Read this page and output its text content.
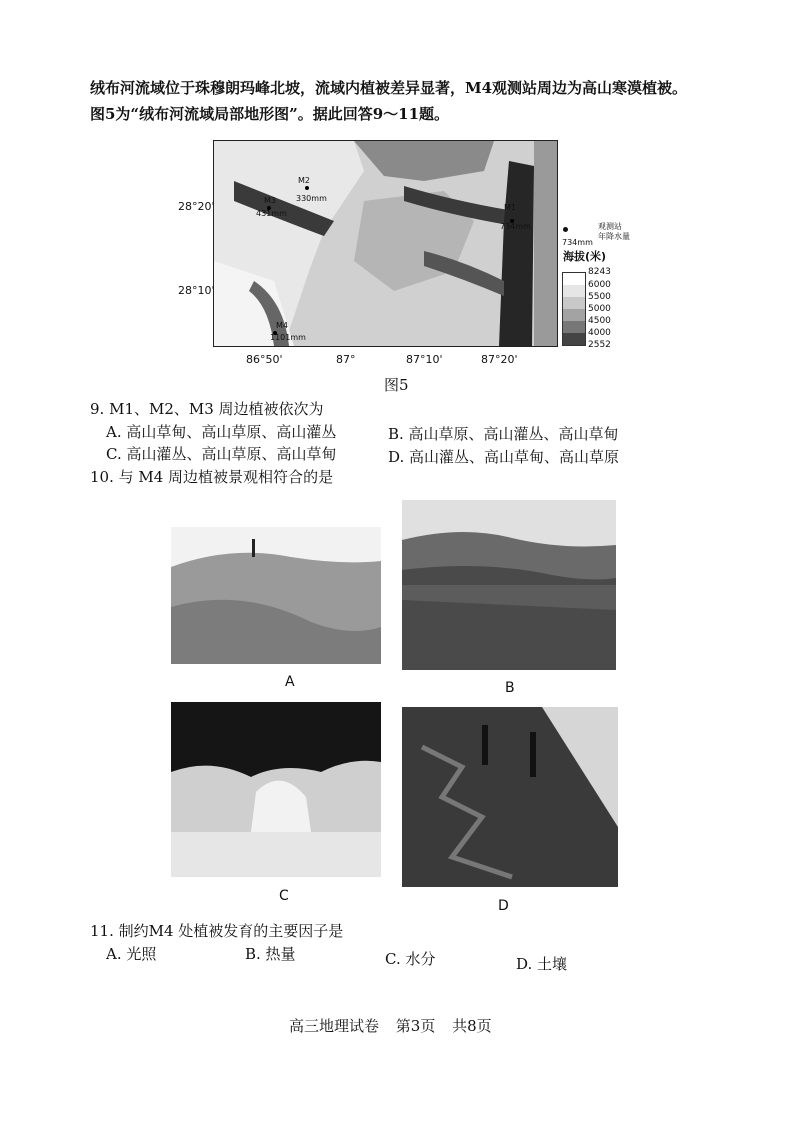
绒布河流域位于珠穆朗玛峰北坡，流域内植被差异显著，M4观测站周边为高山寒漠植被。
图5为“绒布河流域局部地形图”。据此回答9～11题。
M2
330mm
M3
431mm
M1
734mm
M4
1101mm
28°20'
28°10'
86°50'	87°	87°10'	87°20'
观测站
年降水量
734mm
海拔(米)
8243
6000
5500
5000
4500
4000
2552
图5
9. M1、M2、M3 周边植被依次为
A. 高山草甸、高山草原、高山灌丛	B. 高山草原、高山灌丛、高山草甸
C. 高山灌丛、高山草原、高山草甸	D. 高山灌丛、高山草甸、高山草原
10. 与 M4 周边植被景观相符合的是
A	B
C
D
11. 制约M4 处植被发育的主要因子是
A. 光照	B. 热量	C. 水分	D. 土壤
高三地理试卷 第3页 共8页
